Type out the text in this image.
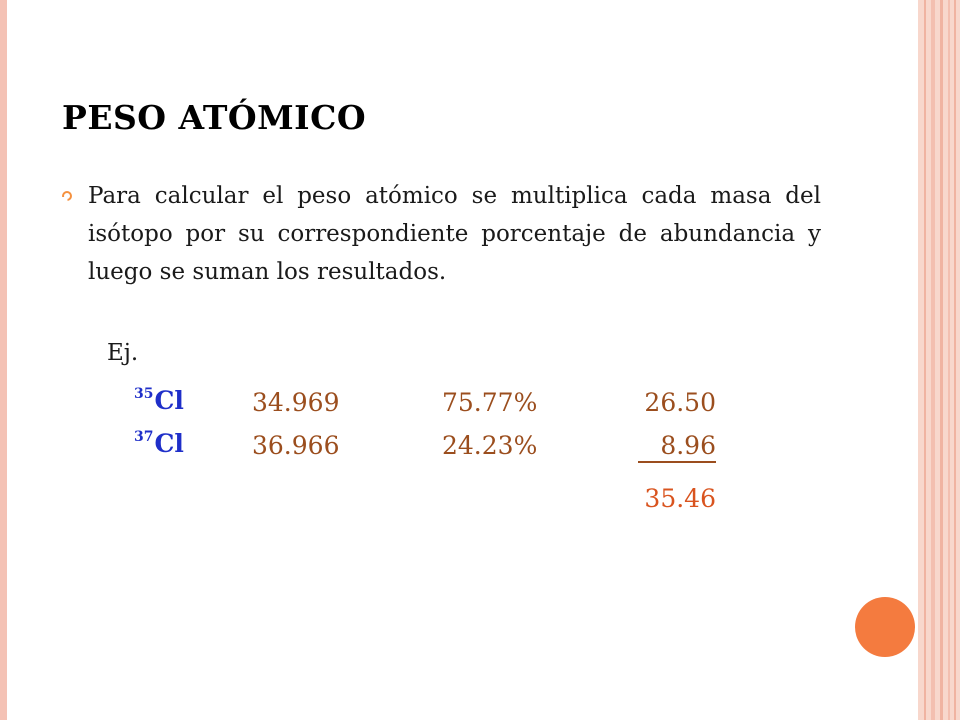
PESO ATÓMICO
Para calcular el peso atómico se multiplica cada masa del isótopo por su correspondiente porcentaje de abundancia y luego se suman los resultados.
Ej.
$^{35}$Cl	34.969	75.77%	26.50
$^{37}$Cl	36.966	24.23%	8.96
35.46
